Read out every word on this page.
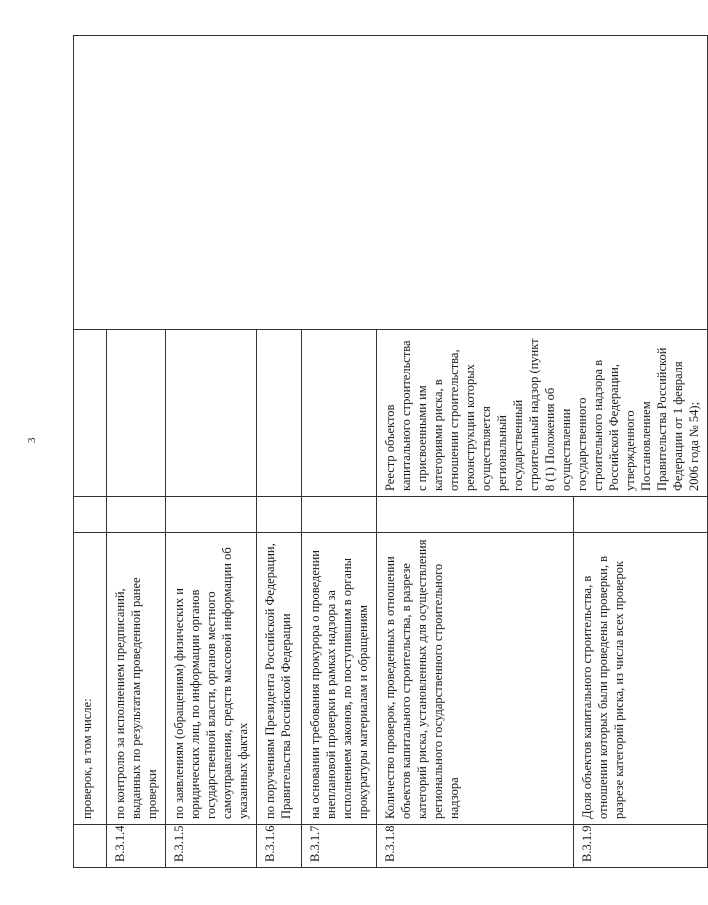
3
	проверок, в том числе:			
B.3.1.4	по контролю за исполнением предписаний, выданных по результатам проведенной ранее проверки			
B.3.1.5	по заявлениям (обращениям) физических и юридических лиц, по информации органов государственной власти, органов местного самоуправления, средств массовой информации об указанных фактах			
B.3.1.6	по поручениям Президента Российской Федерации, Правительства Российской Федерации			
B.3.1.7	на основании требования прокурора о проведении внеплановой проверки в рамках надзора за исполнением законов, по поступившим в органы прокуратуры материалам и обращениям			
B.3.1.8	Количество проверок, проведенных в отношении объектов капитального строительства, в разрезе категорий риска, установленных для осуществления регионального государственного строительного надзора		Реестр объектов капитального строительства с присвоенными им категориями риска, в отношении строительства, реконструкции которых осуществляется региональный государственный строительный надзор (пункт 8 (1) Положения об осуществлении государственного строительного надзора в Российской Федерации, утвержденного Постановлением Правительства Российской Федерации от 1 февраля 2006 года № 54);	
B.3.1.9	Доля объектов капитального строительства, в отношении которых были проведены проверки, в разрезе категорий риска, из числа всех проверок			
